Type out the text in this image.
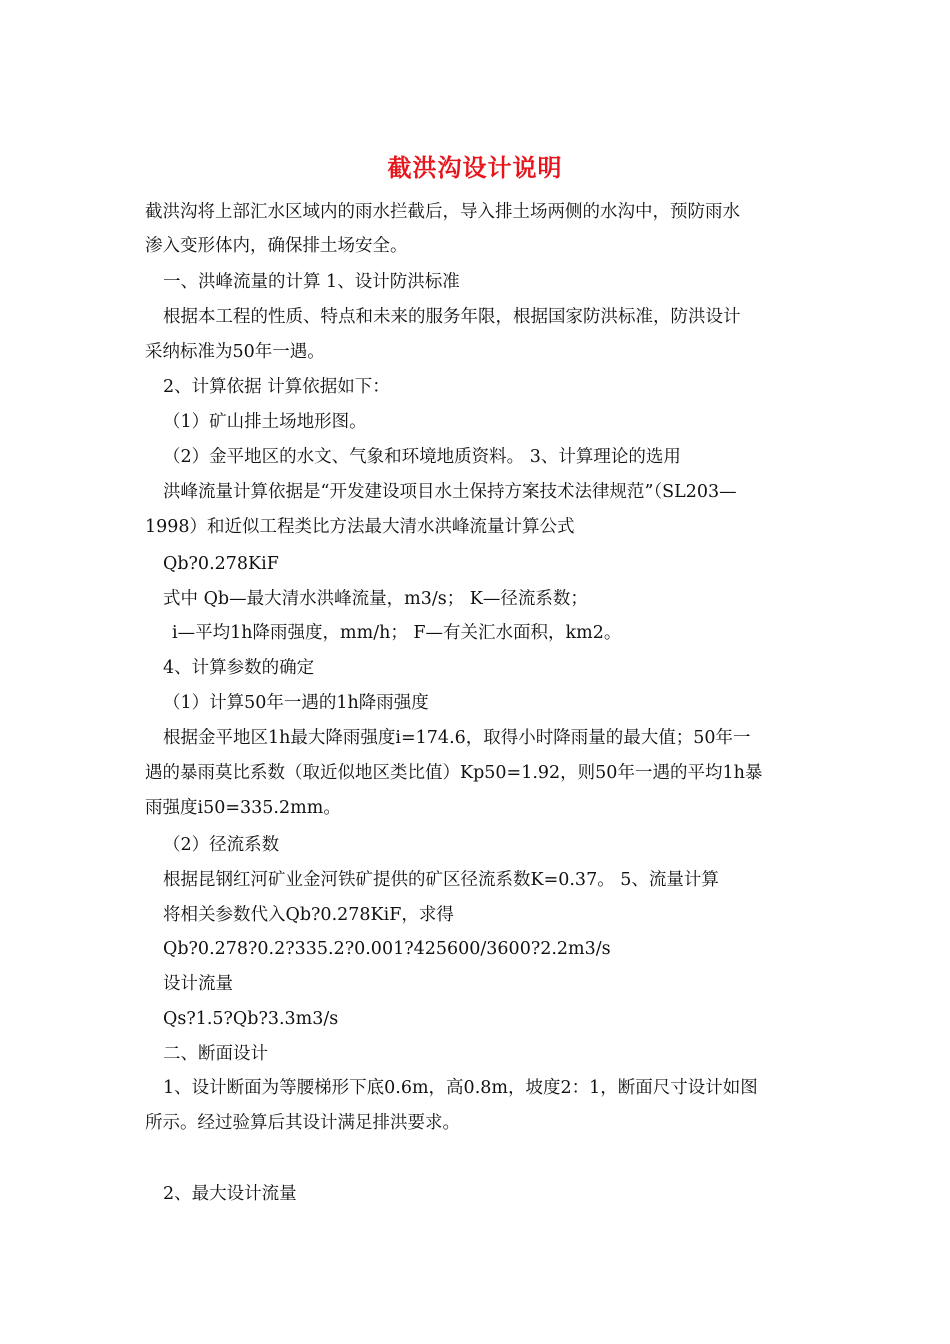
截洪沟设计说明
截洪沟将上部汇水区域内的雨水拦截后，导入排土场两侧的水沟中，预防雨水
渗入变形体内，确保排土场安全。
一、洪峰流量的计算 1、设计防洪标准
根据本工程的性质、特点和未来的服务年限，根据国家防洪标准，防洪设计
采纳标准为50年一遇。
2、计算依据 计算依据如下：
（1）矿山排土场地形图。
（2）金平地区的水文、气象和环境地质资料。 3、计算理论的选用
洪峰流量计算依据是“开发建设项目水土保持方案技术法律规范”（SL203—
1998）和近似工程类比方法最大清水洪峰流量计算公式
Qb?0.278KiF
式中 Qb—最大清水洪峰流量，m3/s； K—径流系数；
i—平均1h降雨强度，mm/h； F—有关汇水面积，km2。
4、计算参数的确定
（1）计算50年一遇的1h降雨强度
根据金平地区1h最大降雨强度i=174.6，取得小时降雨量的最大值；50年一
遇的暴雨莫比系数（取近似地区类比值）Kp50=1.92，则50年一遇的平均1h暴
雨强度i50=335.2mm。
（2）径流系数
根据昆钢红河矿业金河铁矿提供的矿区径流系数K=0.37。 5、流量计算
将相关参数代入Qb?0.278KiF，求得
Qb?0.278?0.2?335.2?0.001?425600/3600?2.2m3/s
设计流量
Qs?1.5?Qb?3.3m3/s
二、断面设计
1、设计断面为等腰梯形下底0.6m，高0.8m，坡度2：1，断面尺寸设计如图
所示。经过验算后其设计满足排洪要求。
2、最大设计流量
